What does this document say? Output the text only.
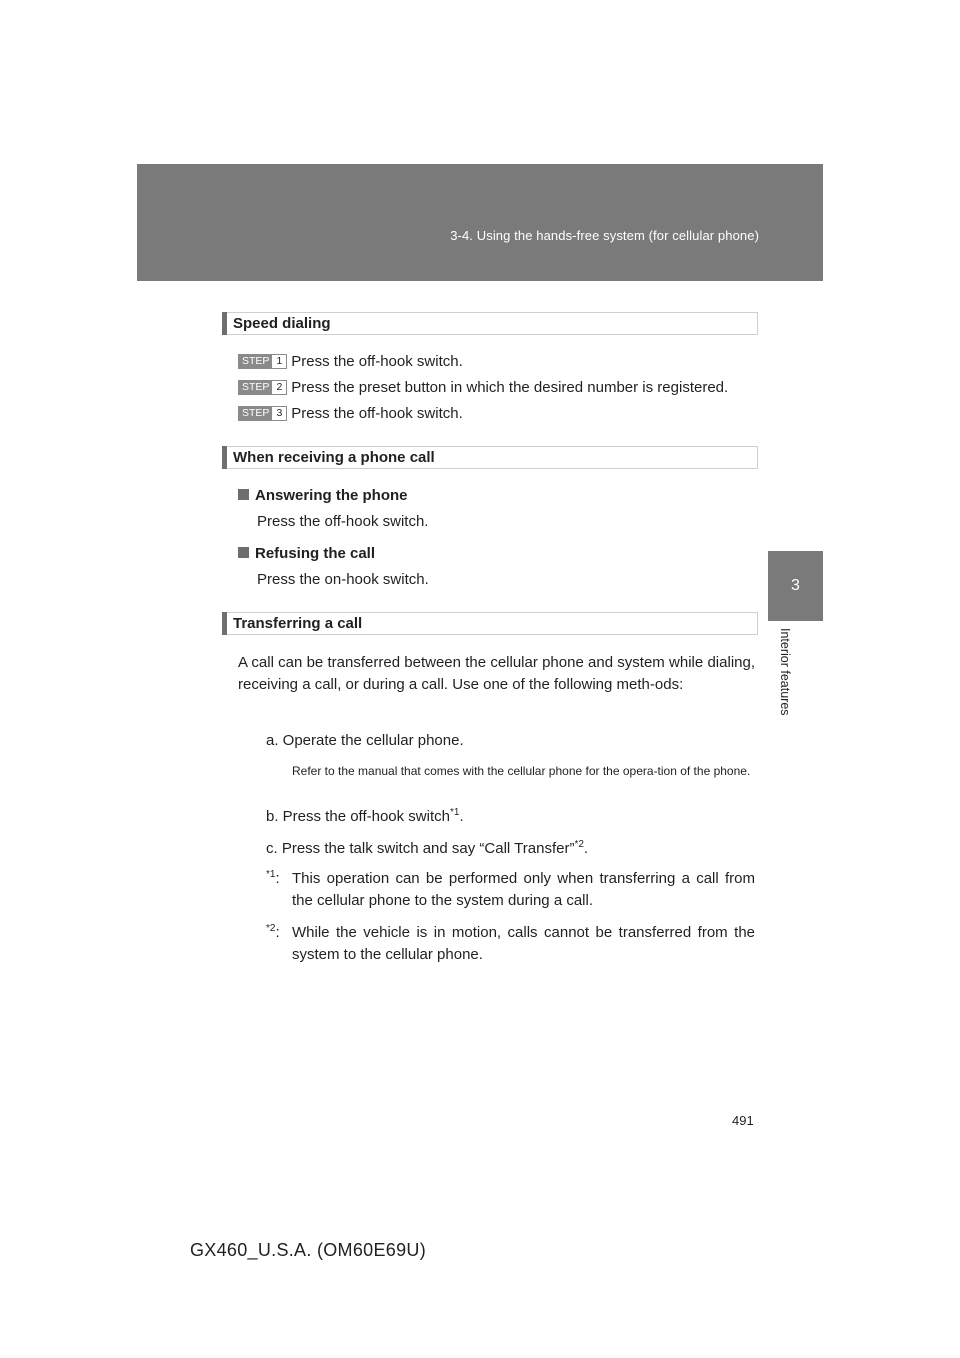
3-4. Using the hands-free system (for cellular phone)
3
Interior features
Speed dialing
STEP 1 Press the off-hook switch.
STEP 2 Press the preset button in which the desired number is registered.
STEP 3 Press the off-hook switch.
When receiving a phone call
Answering the phone
Press the off-hook switch.
Refusing the call
Press the on-hook switch.
Transferring a call
A call can be transferred between the cellular phone and system while dialing, receiving a call, or during a call. Use one of the following meth-ods:
a. Operate the cellular phone.
Refer to the manual that comes with the cellular phone for the opera-tion of the phone.
b. Press the off-hook switch$^{*1}$.
c. Press the talk switch and say “Call Transfer”$^{*2}$.
$^{*1}$: This operation can be performed only when transferring a call from the cellular phone to the system during a call.
$^{*2}$: While the vehicle is in motion, calls cannot be transferred from the system to the cellular phone.
491
GX460_U.S.A. (OM60E69U)
